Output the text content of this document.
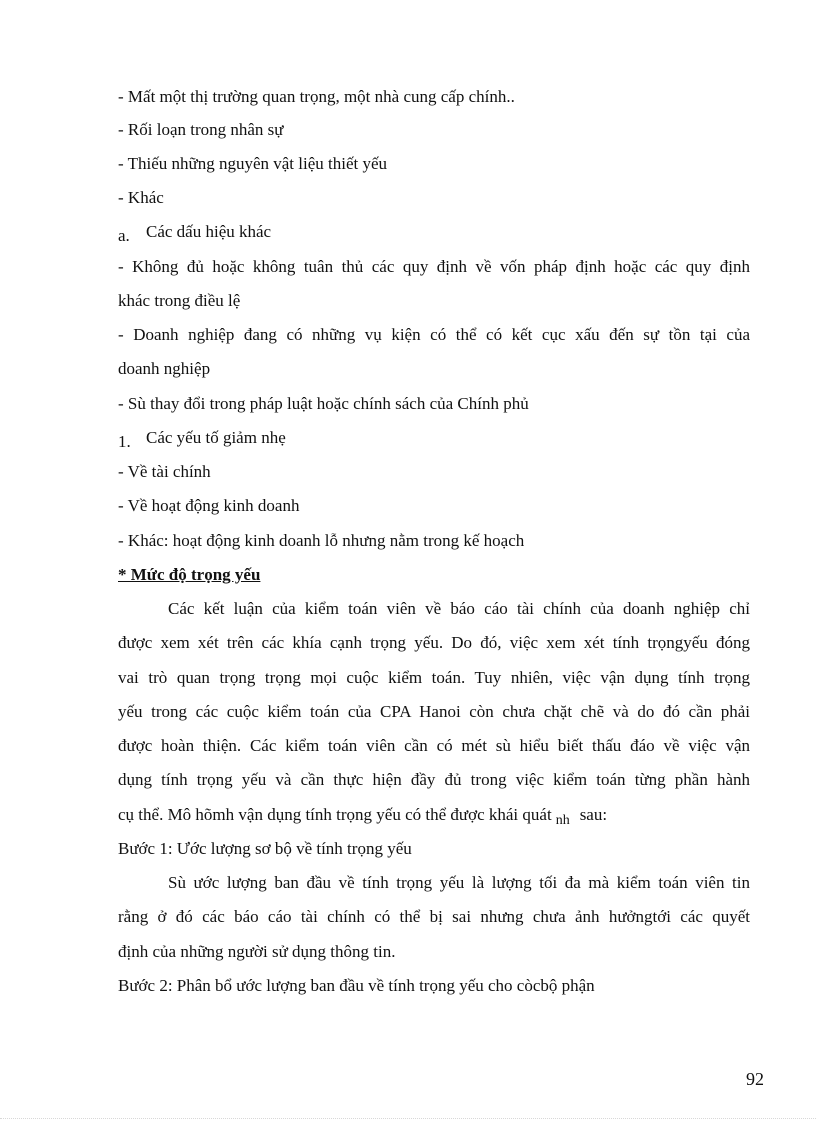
- Mất một thị trường quan trọng, một nhà cung cấp chính..
- Rối loạn trong nhân sự
- Thiếu những nguyên vật liệu thiết yếu
- Khác
a. Các dấu hiệu khác
- Không đủ hoặc không tuân thủ các quy định về vốn pháp định hoặc các quy định
khác trong điều lệ
- Doanh nghiệp đang có những vụ kiện có thể có kết cục xấu đến sự tồn tại của
doanh nghiệp
- Sù thay đổi trong pháp luật hoặc chính sách của Chính phủ
1. Các yếu tố giảm nhẹ
- Về tài chính
- Về hoạt động kinh doanh
- Khác: hoạt động kinh doanh lỗ nhưng nằm trong kế hoạch
* Mức độ trọng yếu
Các kết luận của kiểm toán viên về báo cáo tài chính của doanh nghiệp chỉ
được xem xét trên các khía cạnh trọng yếu. Do đó, việc xem xét tính trọngyếu đóng
vai trò quan trọng trọng mọi cuộc kiểm toán. Tuy nhiên, việc vận dụng tính trọng
yếu trong các cuộc kiểm toán của CPA Hanoi còn chưa chặt chẽ và do đó cần phải
được hoàn thiện. Các kiểm toán viên cần có mét sù hiểu biết thấu đáo về việc vận
dụng tính trọng yếu và cần thực hiện đầy đủ trong việc kiểm toán từng phần hành
cụ thể. Mô hõmh vận dụng tính trọng yếu có thể được khái quát $_{nh}$ sau:
Bước 1: Ước lượng sơ bộ về tính trọng yếu
Sù ước lượng ban đầu về tính trọng yếu là lượng tối đa mà kiểm toán viên tin
rằng ở đó các báo cáo tài chính có thể bị sai nhưng chưa ảnh hưởngtới các quyết
định của những người sử dụng thông tin.
Bước 2: Phân bổ ước lượng ban đầu về tính trọng yếu cho còcbộ phận
92
